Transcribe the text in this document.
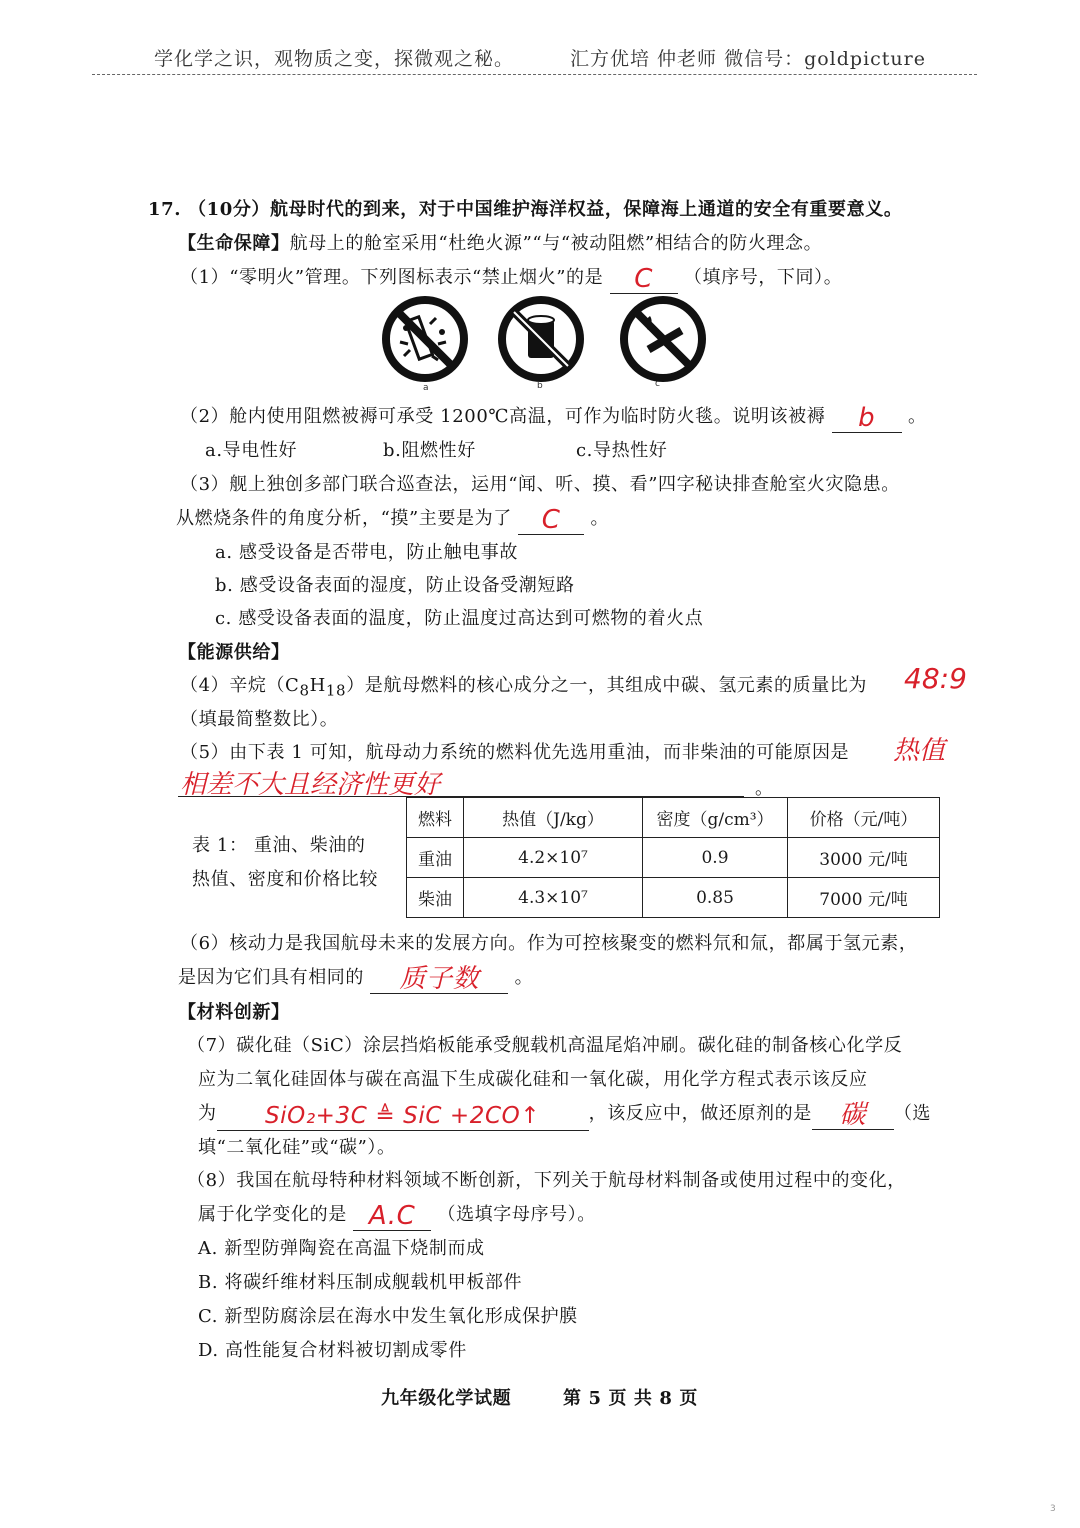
学化学之识，观物质之变，探微观之秘。	汇方优培 仲老师 微信号：goldpicture
17. （10分）航母时代的到来，对于中国维护海洋权益，保障海上通道的安全有重要意义。
【生命保障】航母上的舱室采用“杜绝火源”“与“被动阻燃”相结合的防火理念。
（1）“零明火”管理。下列图标表示“禁止烟火”的是 C （填序号，下同）。
a	b	c
（2）舱内使用阻燃被褥可承受 1200℃高温，可作为临时防火毯。说明该被褥 b 。
a.导电性好	b.阻燃性好	c.导热性好
（3）舰上独创多部门联合巡查法，运用“闻、听、摸、看”四字秘诀排查舱室火灾隐患。
从燃烧条件的角度分析，“摸”主要是为了 C 。
a. 感受设备是否带电，防止触电事故
b. 感受设备表面的湿度，防止设备受潮短路
c. 感受设备表面的温度，防止温度过高达到可燃物的着火点
【能源供给】
（4）辛烷$(C_8H_{18})$是航母燃料的核心成分之一，其组成中碳、氢元素的质量比为 48:9
（填最简整数比）。
（5）由下表 1 可知，航母动力系统的燃料优先选用重油，而非柴油的可能原因是 热值
相差不大且经济性更好	。
表 1： 重油、柴油的
热值、密度和价格比较
燃料	热值（J/kg）	密度（g/cm³）	价格（元/吨）
重油	4.2×10⁷	0.9	3000 元/吨
柴油	4.3×10⁷	0.85	7000 元/吨
（6）核动力是我国航母未来的发展方向。作为可控核聚变的燃料氘和氚，都属于氢元素，
是因为它们具有相同的 质子数 。
【材料创新】
（7）碳化硅（SiC）涂层挡焰板能承受舰载机高温尾焰冲刷。碳化硅的制备核心化学反
应为二氧化硅固体与碳在高温下生成碳化硅和一氧化碳，用化学方程式表示该反应
为 SiO₂+3C ≜ SiC +2CO↑	，该反应中，做还原剂的是 碳 （选
填“二氧化硅”或“碳”）。
（8）我国在航母特种材料领域不断创新，下列关于航母材料制备或使用过程中的变化，
属于化学变化的是 A.C （选填字母序号）。
A. 新型防弹陶瓷在高温下烧制而成
B. 将碳纤维材料压制成舰载机甲板部件
C. 新型防腐涂层在海水中发生氧化形成保护膜
D. 高性能复合材料被切割成零件
九年级化学试题	第 5 页 共 8 页
3
